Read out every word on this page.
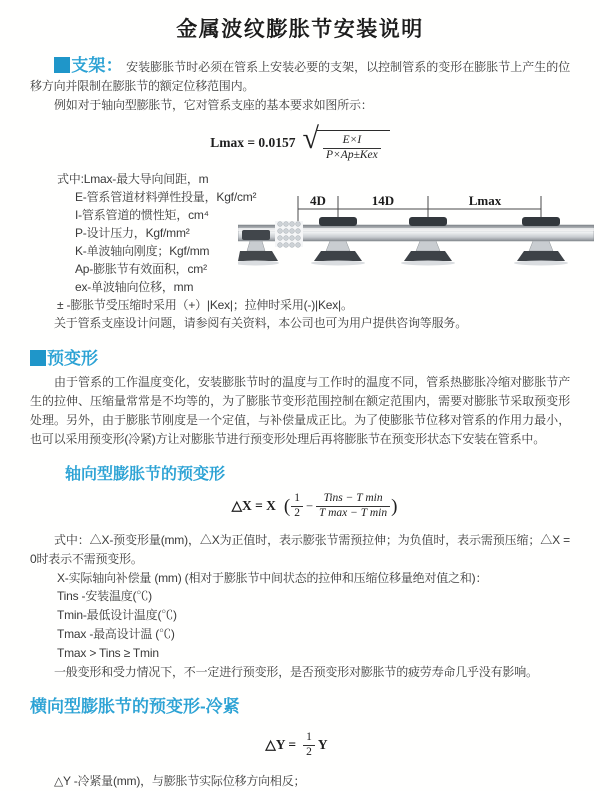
金属波纹膨胀节安装说明

支架： 安装膨胀节时必须在管系上安装必要的支架，以控制管系的变形在膨胀节上产生的位移方向并限制在膨胀节的额定位移范围内。

例如对于轴向型膨胀节，它对管系支座的基本要求如图所示：

Lmax = 0.0157 √ $\frac{E\times I}{\text{P×Ap±Kex}}$
式中:Lmax-最大导向间距，m
E-管系管道材料弹性投量，Kgf/cm²
I-管系管道的惯性矩，cm⁴
P-设计压力，Kgf/mm²
K-单波轴向刚度；Kgf/mm
Ap-膨胀节有效面积，cm²
ex-单波轴向位移，mm

± -膨胀节受压缩时采用（+）|Kex|；拉伸时采用(-)|Kex|。

关于管系支座设计问题，请参阅有关资料，本公司也可为用户提供咨询等服务。

预变形

由于管系的工作温度变化，安装膨胀节时的温度与工作时的温度不同，管系热膨胀冷缩对膨胀节产生的拉伸、压缩量常常是不均等的，为了膨胀节变形范围控制在额定范围内，需要对膨胀节采取预变形处理。另外，由于膨胀节刚度是一个定值，与补偿量成正比。为了使膨胀节位移对管系的作用力最小，也可以采用预变形(冷紧)方让对膨胀节进行预变形处理后再将膨胀节在预变形状态下安装在管系中。

轴向型膨胀节的预变形
△X = X ( $\frac{1}{2} - \frac{\text{Tins − T min}}{\text{T max − T min}}$ )

式中：△X-预变形量(mm)，△X为正值时，表示膨张节需预拉伸；为负值时，表示需预压缩；△X = 0时表示不需预变形。

X-实际轴向补偿量 (mm) (相对于膨胀节中间状态的拉伸和压缩位移量绝对值之和)：

Tins -安装温度(℃)
Tmin-最低设计温度(℃)
Tmax -最高设计温 (℃)
Tmax > Tins ≥ Tmin

一般变形和受力情况下，不一定进行预变形，是否预变形对膨胀节的疲劳寿命几乎没有影响。

横向型膨胀节的预变形-冷紧
△Y = $\frac{1}{2}$ Y

△Y -冷紧量(mm)，与膨胀节实际位移方向相反；

4D	14D	Lmax
